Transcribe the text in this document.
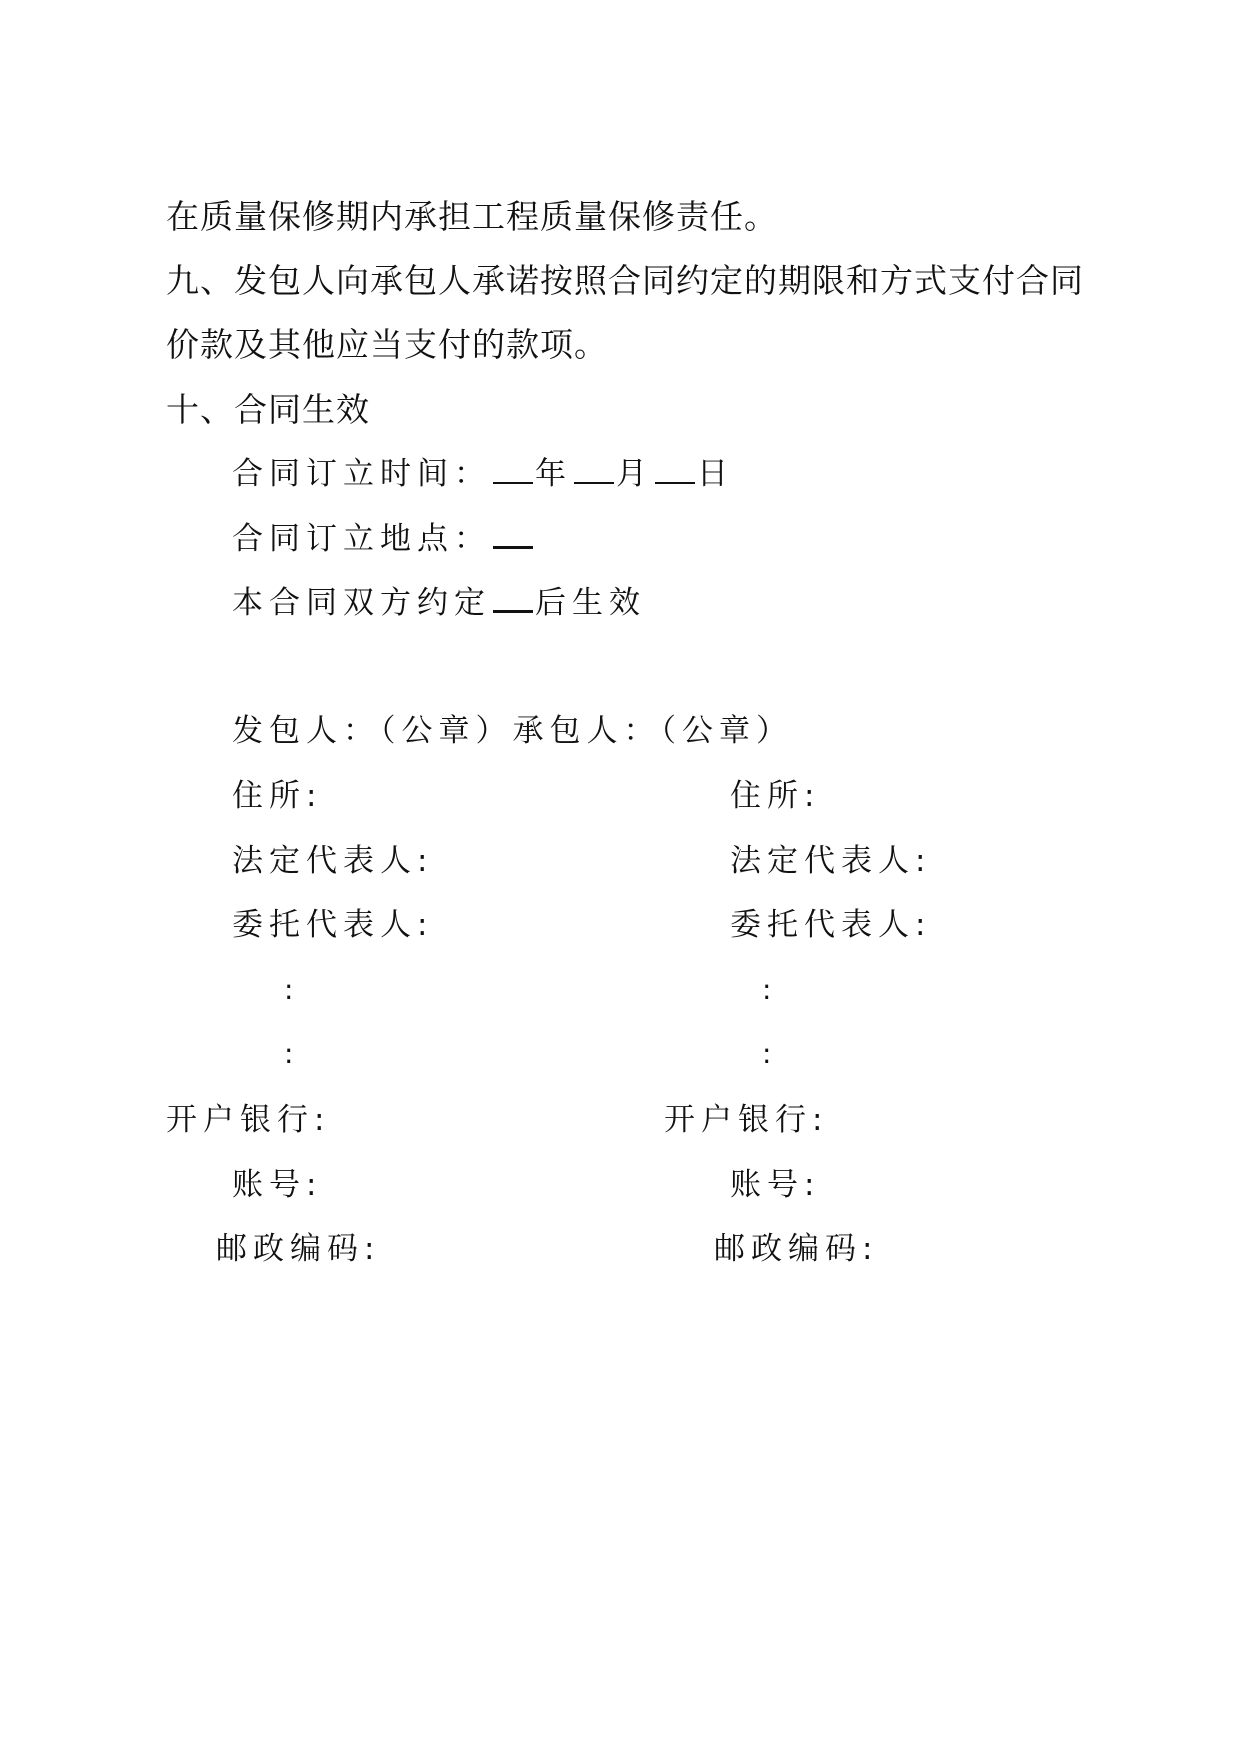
在质量保修期内承担工程质量保修责任。
九、发包人向承包人承诺按照合同约定的期限和方式支付合同
价款及其他应当支付的款项。
十、合同生效
合同订立时间： 年 月 日
合同订立地点：
本合同双方约定 后生效
发包人：（公章）承包人：（公章）
住所:
法定代表人:
委托代表人:
:
:
开户银行:
账号:
邮政编码:
住所:
法定代表人:
委托代表人:
:
:
开户银行:
账号:
邮政编码:
